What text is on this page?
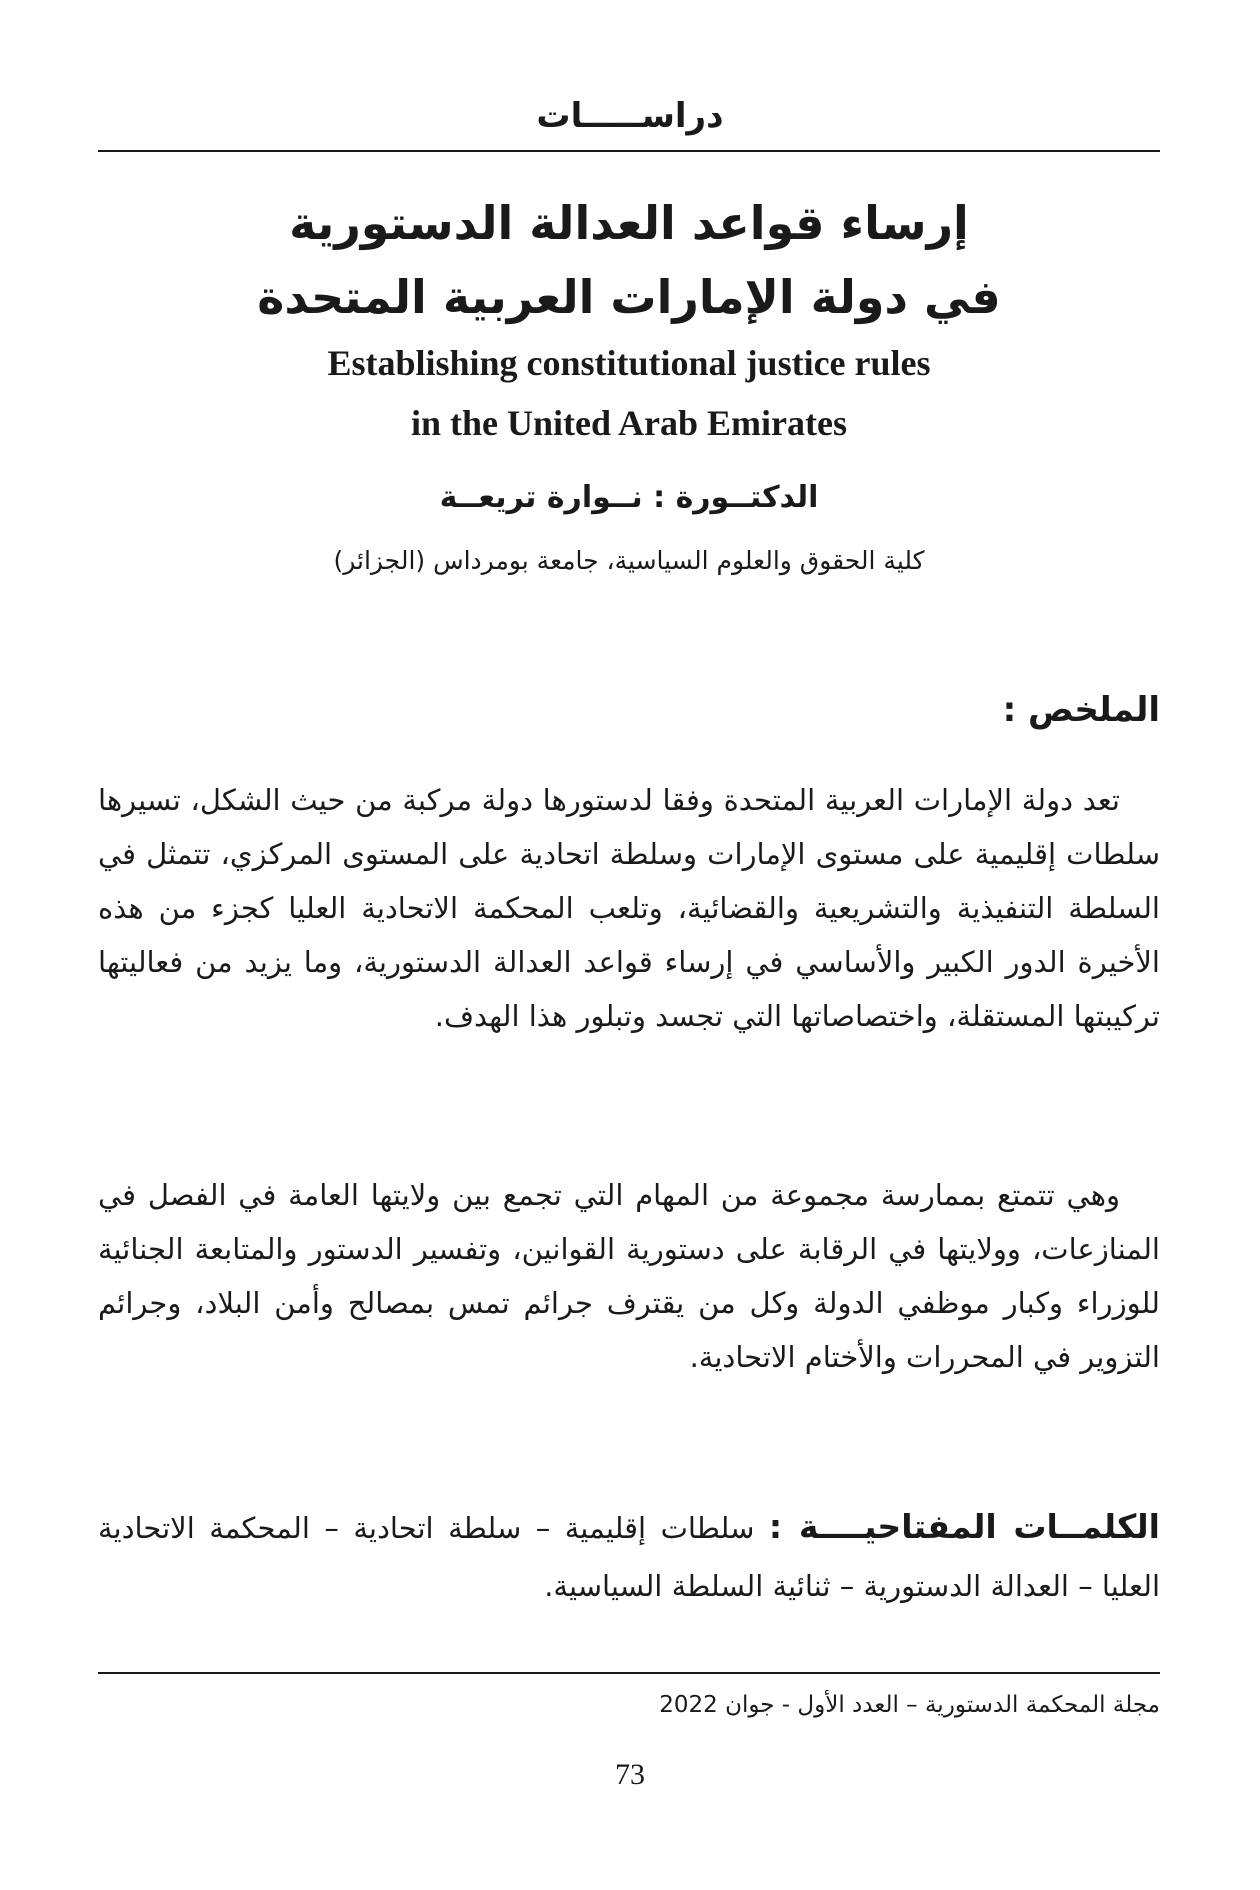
دراســـــات
إرساء قواعد العدالة الدستورية
في دولة الإمارات العربية المتحدة
Establishing constitutional justice rules
in the United Arab Emirates
الدكتــورة : نــوارة تريعــة
كلية الحقوق والعلوم السياسية، جامعة بومرداس (الجزائر)
الملخص :

تعد دولة الإمارات العربية المتحدة وفقا لدستورها دولة مركبة من حيث الشكل، تسيرها سلطات إقليمية على مستوى الإمارات وسلطة اتحادية على المستوى المركزي، تتمثل في السلطة التنفيذية والتشريعية والقضائية، وتلعب المحكمة الاتحادية العليا كجزء من هذه الأخيرة الدور الكبير والأساسي في إرساء قواعد العدالة الدستورية، وما يزيد من فعاليتها تركيبتها المستقلة، واختصاصاتها التي تجسد وتبلور هذا الهدف.

وهي تتمتع بممارسة مجموعة من المهام التي تجمع بين ولايتها العامة في الفصل في المنازعات، وولايتها في الرقابة على دستورية القوانين، وتفسير الدستور والمتابعة الجنائية للوزراء وكبار موظفي الدولة وكل من يقترف جرائم تمس بمصالح وأمن البلاد، وجرائم التزوير في المحررات والأختام الاتحادية.

الكلمــات المفتاحيــــة : سلطات إقليمية – سلطة اتحادية – المحكمة الاتحادية العليا – العدالة الدستورية – ثنائية السلطة السياسية.

مجلة المحكمة الدستورية – العدد الأول - جوان 2022
73
